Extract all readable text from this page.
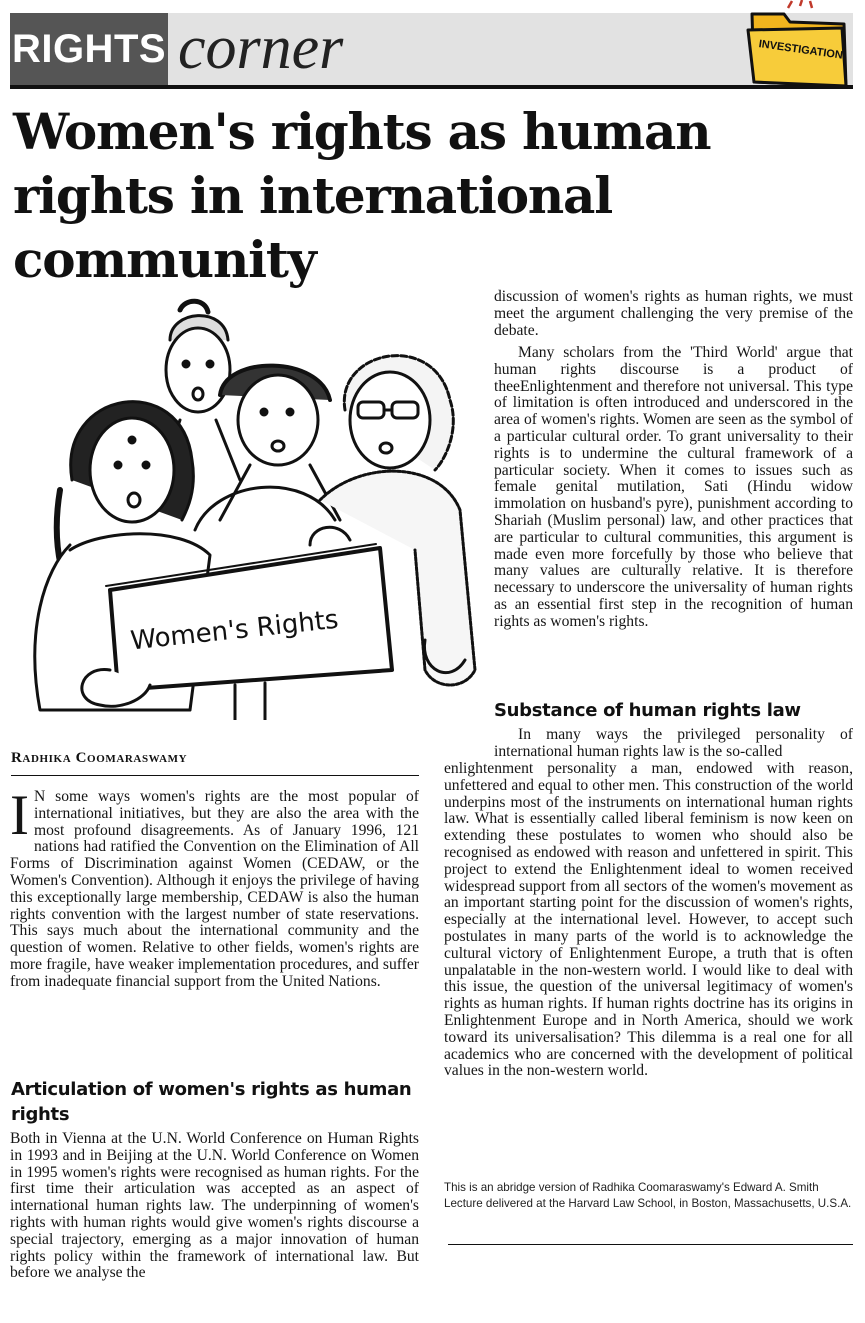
RIGHTS corner	INVESTIGATION
Women's rights as human rights in international community
Women's Rights
Radhika Coomaraswamy

I N some ways women's rights are the most popular of international initiatives, but they are also the area with the most profound disagreements. As of January 1996, 121 nations had ratified the Convention on the Elimination of All Forms of Discrimination against Women (CEDAW, or the Women's Convention). Although it enjoys the privilege of having this exceptionally large membership, CEDAW is also the human rights convention with the largest number of state reservations. This says much about the international community and the question of women. Relative to other fields, women's rights are more fragile, have weaker implementation procedures, and suffer from inadequate financial support from the United Nations.

Articulation of women's rights as human rights

Both in Vienna at the U.N. World Conference on Human Rights in 1993 and in Beijing at the U.N. World Conference on Women in 1995 women's rights were recognised as human rights. For the first time their articulation was accepted as an aspect of international human rights law. The underpinning of women's rights with human rights would give women's rights discourse a special trajectory, emerging as a major innovation of human rights policy within the framework of international law. But before we analyse the

discussion of women's rights as human rights, we must meet the argument challenging the very premise of the debate.

Many scholars from the 'Third World' argue that human rights discourse is a product of theeEnlightenment and therefore not universal. This type of limitation is often introduced and underscored in the area of women's rights. Women are seen as the symbol of a particular cultural order. To grant universality to their rights is to undermine the cultural framework of a particular society. When it comes to issues such as female genital mutilation, Sati (Hindu widow immolation on husband's pyre), punishment according to Shariah (Muslim personal) law, and other practices that are particular to cultural communities, this argument is made even more forcefully by those who believe that many values are culturally relative. It is therefore necessary to underscore the universality of human rights as an essential first step in the recognition of human rights as women's rights.

Substance of human rights law

In many ways the privileged personality of international human rights law is the so-called

enlightenment personality a man, endowed with reason, unfettered and equal to other men. This construction of the world underpins most of the instruments on international human rights law. What is essentially called liberal feminism is now keen on extending these postulates to women who should also be recognised as endowed with reason and unfettered in spirit. This project to extend the Enlightenment ideal to women received widespread support from all sectors of the women's movement as an important starting point for the discussion of women's rights, especially at the international level. However, to accept such postulates in many parts of the world is to acknowledge the cultural victory of Enlightenment Europe, a truth that is often unpalatable in the non-western world. I would like to deal with this issue, the question of the universal legitimacy of women's rights as human rights. If human rights doctrine has its origins in Enlightenment Europe and in North America, should we work toward its universalisation? This dilemma is a real one for all academics who are concerned with the development of political values in the non-western world.

This is an abridge version of Radhika Coomaraswamy's Edward A. Smith Lecture delivered at the Harvard Law School, in Boston, Massachusetts, U.S.A.
